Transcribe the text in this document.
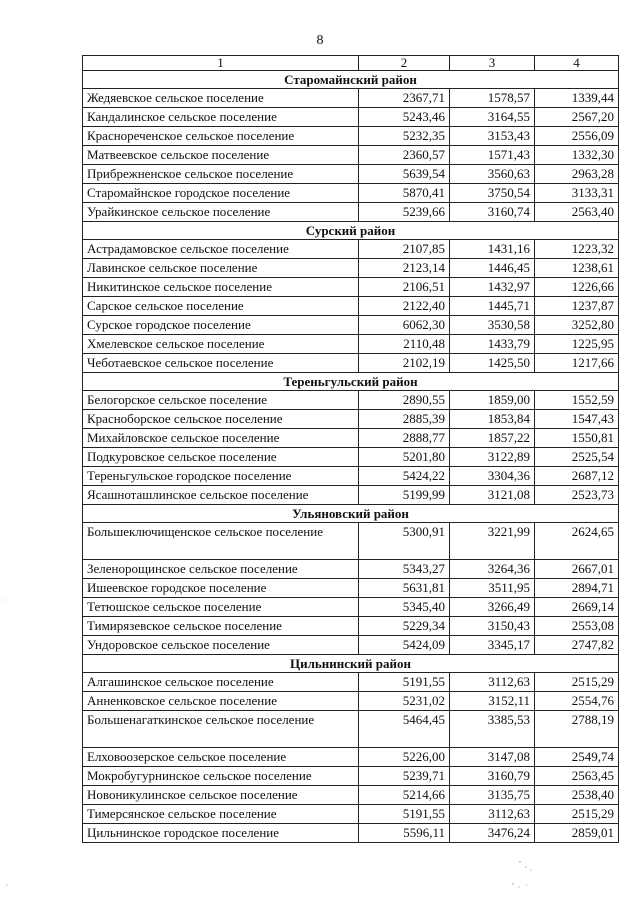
8
1	2	3	4
Старомайнский район			
Жедяевское сельское поселение	2367,71	1578,57	1339,44
Кандалинское сельское поселение	5243,46	3164,55	2567,20
Краснореченское сельское поселение	5232,35	3153,43	2556,09
Матвеевское сельское поселение	2360,57	1571,43	1332,30
Прибрежненское сельское поселение	5639,54	3560,63	2963,28
Старомайнское городское поселение	5870,41	3750,54	3133,31
Урайкинское сельское поселение	5239,66	3160,74	2563,40
Сурский район			
Астрадамовское сельское поселение	2107,85	1431,16	1223,32
Лавинское сельское поселение	2123,14	1446,45	1238,61
Никитинское сельское поселение	2106,51	1432,97	1226,66
Сарское сельское поселение	2122,40	1445,71	1237,87
Сурское городское поселение	6062,30	3530,58	3252,80
Хмелевское сельское поселение	2110,48	1433,79	1225,95
Чеботаевское сельское поселение	2102,19	1425,50	1217,66
Тереньгульский район			
Белогорское сельское поселение	2890,55	1859,00	1552,59
Красноборское сельское поселение	2885,39	1853,84	1547,43
Михайловское сельское поселение	2888,77	1857,22	1550,81
Подкуровское сельское поселение	5201,80	3122,89	2525,54
Тереньгульское городское поселение	5424,22	3304,36	2687,12
Ясашноташлинское сельское поселение	5199,99	3121,08	2523,73
Ульяновский район			
Большеключищенское сельское поселение	5300,91	3221,99	2624,65
Зеленорощинское сельское поселение	5343,27	3264,36	2667,01
Ишеевское городское поселение	5631,81	3511,95	2894,71
Тетюшское сельское поселение	5345,40	3266,49	2669,14
Тимирязевское сельское поселение	5229,34	3150,43	2553,08
Ундоровское сельское поселение	5424,09	3345,17	2747,82
Цильнинский район			
Алгашинское сельское поселение	5191,55	3112,63	2515,29
Анненковское сельское поселение	5231,02	3152,11	2554,76
Большенагаткинское сельское поселение	5464,45	3385,53	2788,19
Елховоозерское сельское поселение	5226,00	3147,08	2549,74
Мокробугурнинское сельское поселение	5239,71	3160,79	2563,45
Новоникулинское сельское поселение	5214,66	3135,75	2538,40
Тимерсянское сельское поселение	5191,55	3112,63	2515,29
Цильнинское городское поселение	5596,11	3476,24	2859,01
